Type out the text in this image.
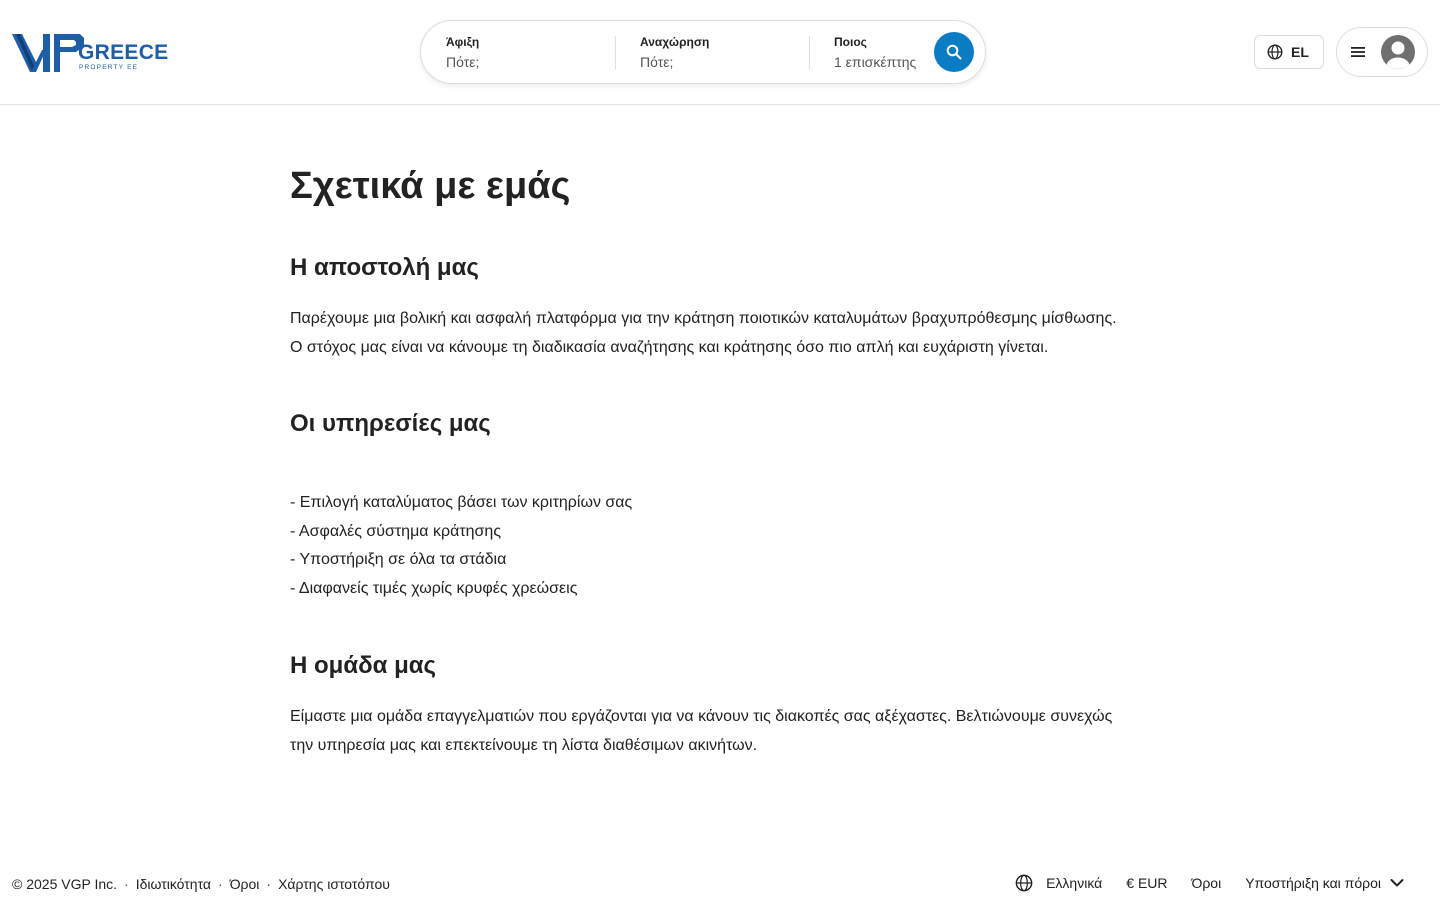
GREECE
PROPERTY EE
Άφιξη
Πότε;
Αναχώρηση
Πότε;
Ποιος
1 επισκέπτης
EL
Σχετικά με εμάς
Η αποστολή μας

Παρέχουμε μια βολική και ασφαλή πλατφόρμα για την κράτηση ποιοτικών καταλυμάτων βραχυπρόθεσμης μίσθωσης.

Ο στόχος μας είναι να κάνουμε τη διαδικασία αναζήτησης και κράτησης όσο πιο απλή και ευχάριστη γίνεται.

Οι υπηρεσίες μας
- Επιλογή καταλύματος βάσει των κριτηρίων σας
- Ασφαλές σύστημα κράτησης
- Υποστήριξη σε όλα τα στάδια
- Διαφανείς τιμές χωρίς κρυφές χρεώσεις
Η ομάδα μας

Είμαστε μια ομάδα επαγγελματιών που εργάζονται για να κάνουν τις διακοπές σας αξέχαστες. Βελτιώνουμε συνεχώς

την υπηρεσία μας και επεκτείνουμε τη λίστα διαθέσιμων ακινήτων.

© 2025 VGP Inc. · Ιδιωτικότητα · Όροι · Χάρτης ιστοτόπου	Ελληνικά € EUR Όροι Υποστήριξη και πόροι
